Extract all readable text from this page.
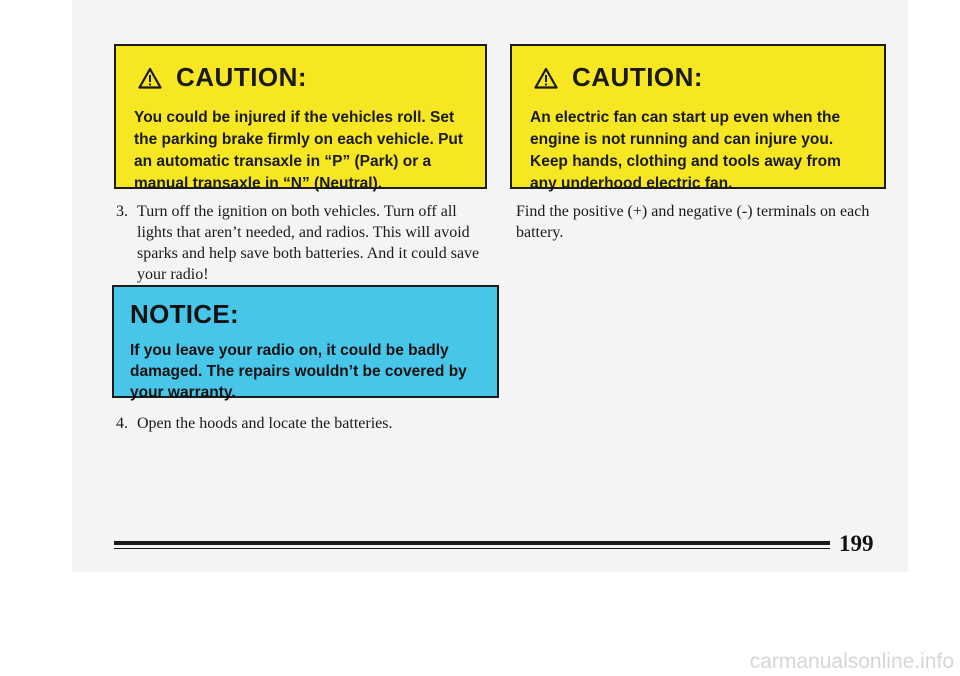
CAUTION:
You could be injured if the vehicles roll. Set the parking brake firmly on each vehicle. Put an automatic transaxle in “P” (Park) or a manual transaxle in “N” (Neutral).
CAUTION:
An electric fan can start up even when the engine is not running and can injure you. Keep hands, clothing and tools away from any underhood electric fan.
3. Turn off the ignition on both vehicles. Turn off all lights that aren’t needed, and radios. This will avoid sparks and help save both batteries. And it could save your radio!
NOTICE:
If you leave your radio on, it could be badly damaged. The repairs wouldn’t be covered by your warranty.
4. Open the hoods and locate the batteries.
Find the positive (+) and negative (-) terminals on each battery.
199
carmanualsonline.info
